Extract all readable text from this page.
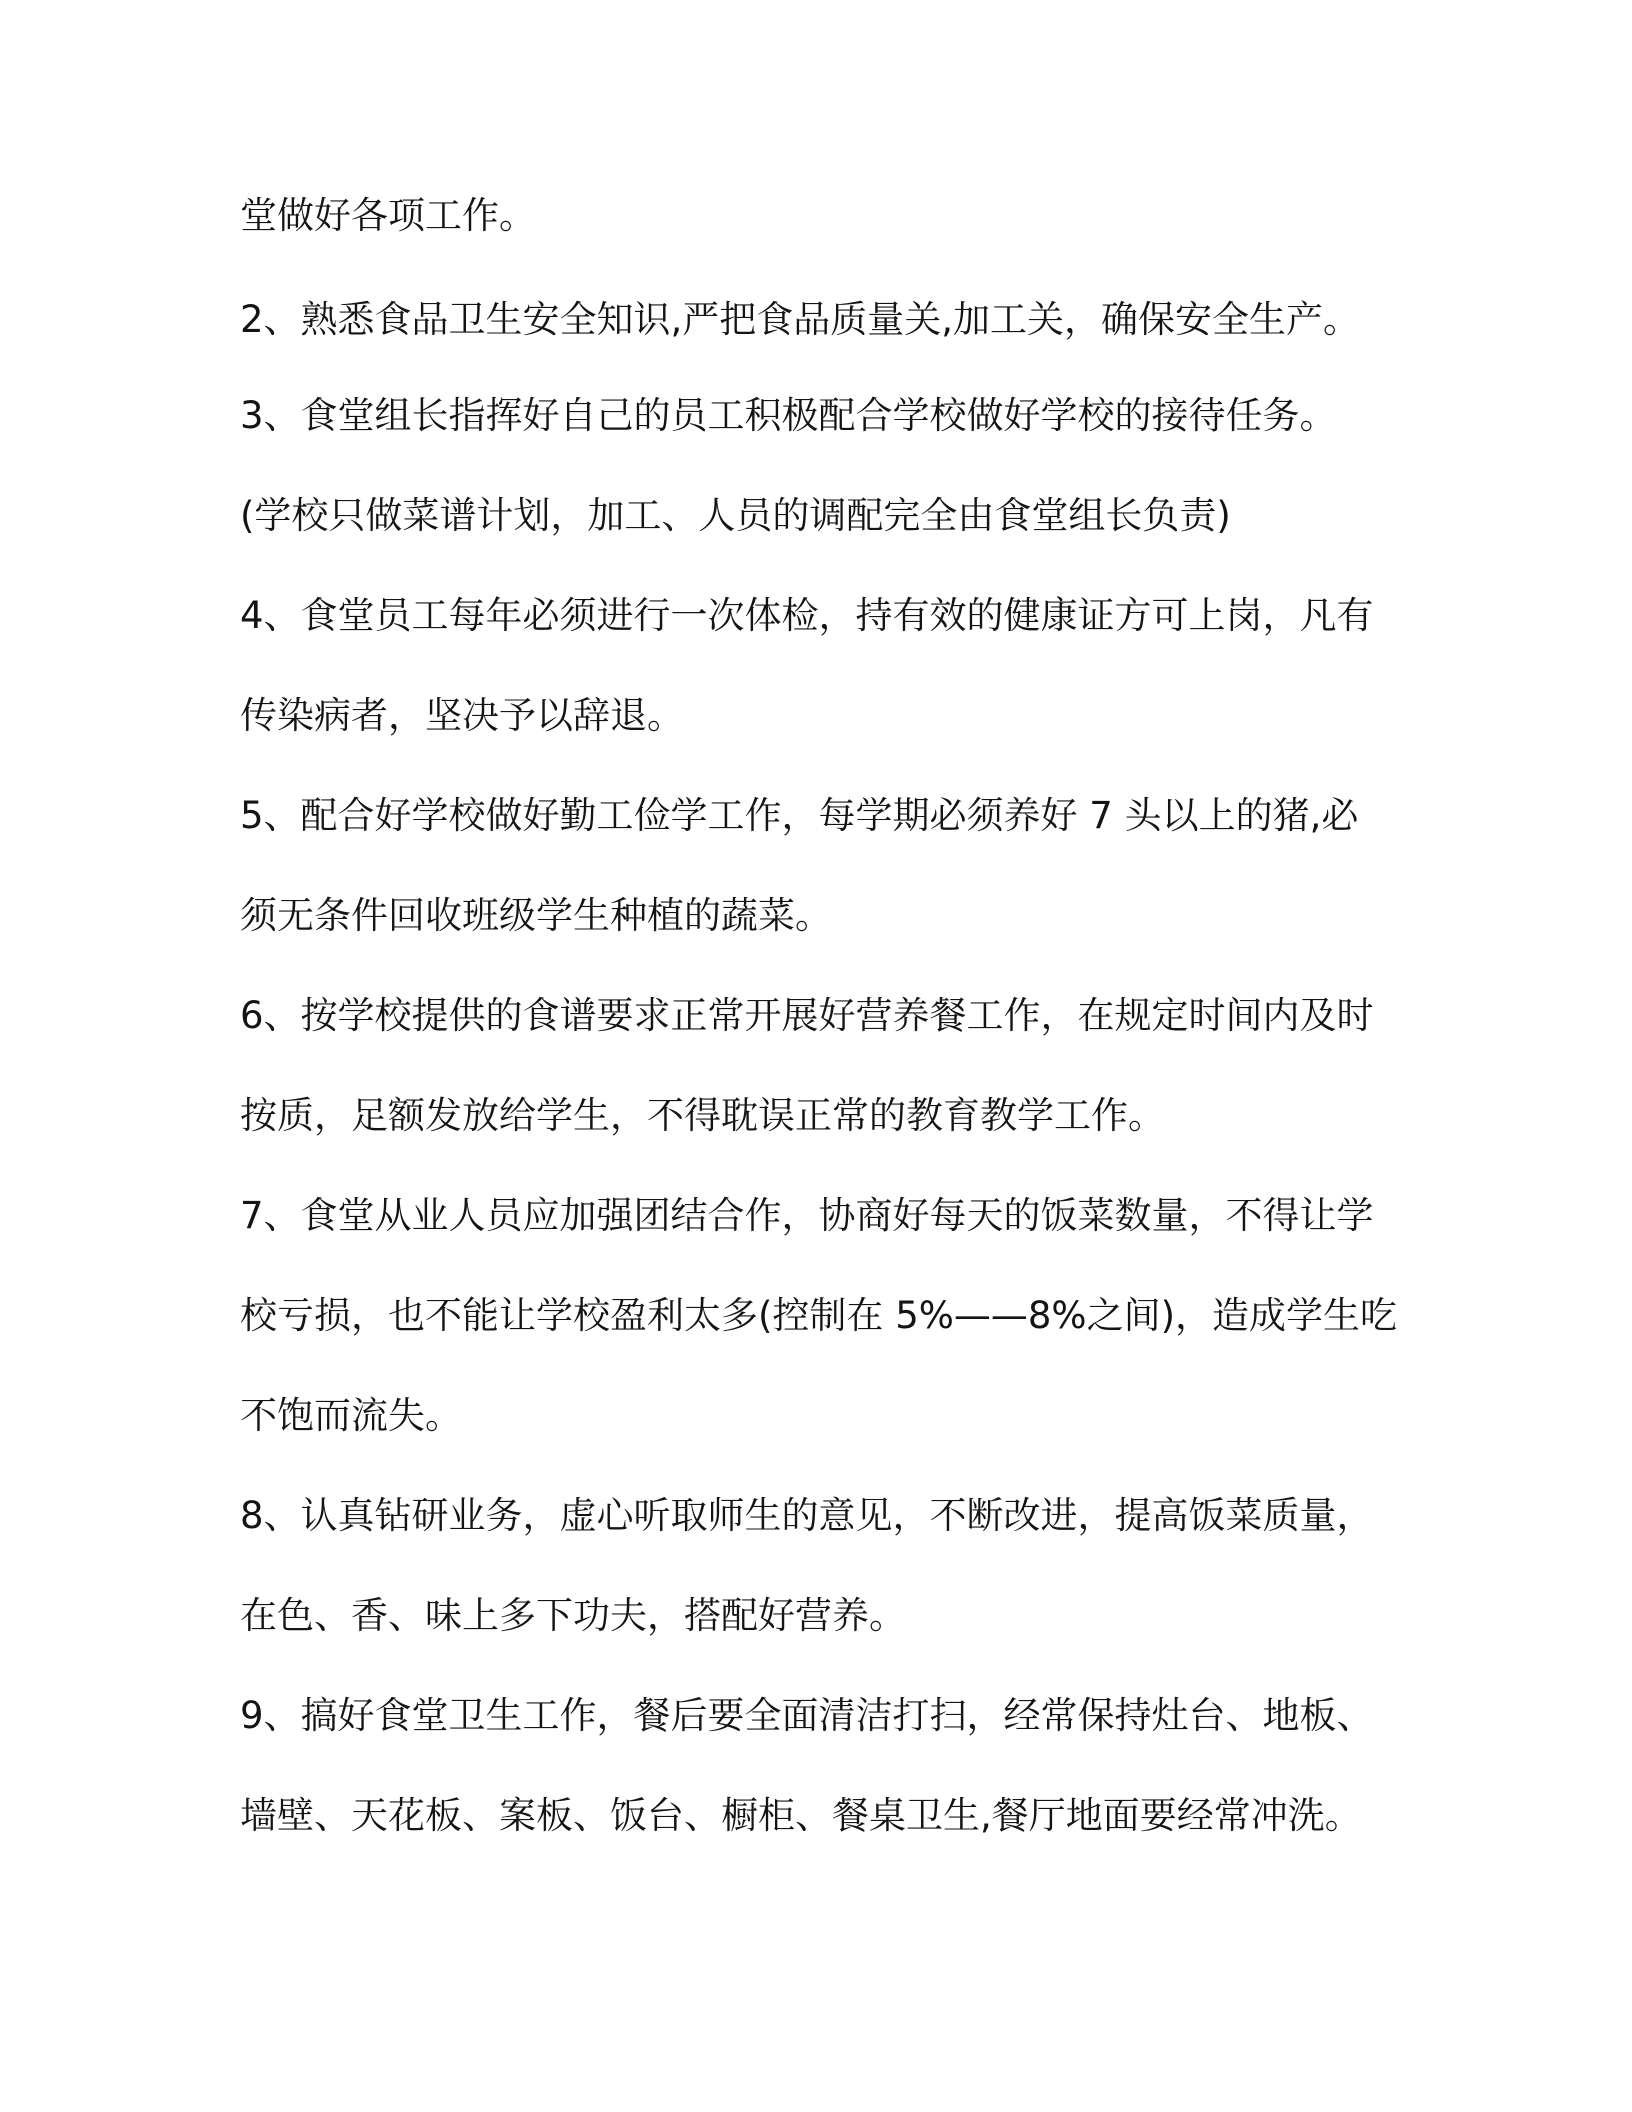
堂做好各项工作。

2、熟悉食品卫生安全知识,严把食品质量关,加工关，确保安全生产。

3、食堂组长指挥好自己的员工积极配合学校做好学校的接待任务。

(学校只做菜谱计划，加工、人员的调配完全由食堂组长负责)

4、食堂员工每年必须进行一次体检，持有效的健康证方可上岗，凡有

传染病者，坚决予以辞退。

5、配合好学校做好勤工俭学工作，每学期必须养好 7 头以上的猪,必

须无条件回收班级学生种植的蔬菜。

6、按学校提供的食谱要求正常开展好营养餐工作，在规定时间内及时

按质，足额发放给学生，不得耽误正常的教育教学工作。

7、食堂从业人员应加强团结合作，协商好每天的饭菜数量，不得让学

校亏损，也不能让学校盈利太多(控制在 5%——8%之间)，造成学生吃

不饱而流失。

8、认真钻研业务，虚心听取师生的意见，不断改进，提高饭菜质量，

在色、香、味上多下功夫，搭配好营养。

9、搞好食堂卫生工作，餐后要全面清洁打扫，经常保持灶台、地板、

墙壁、天花板、案板、饭台、橱柜、餐桌卫生,餐厅地面要经常冲洗。
